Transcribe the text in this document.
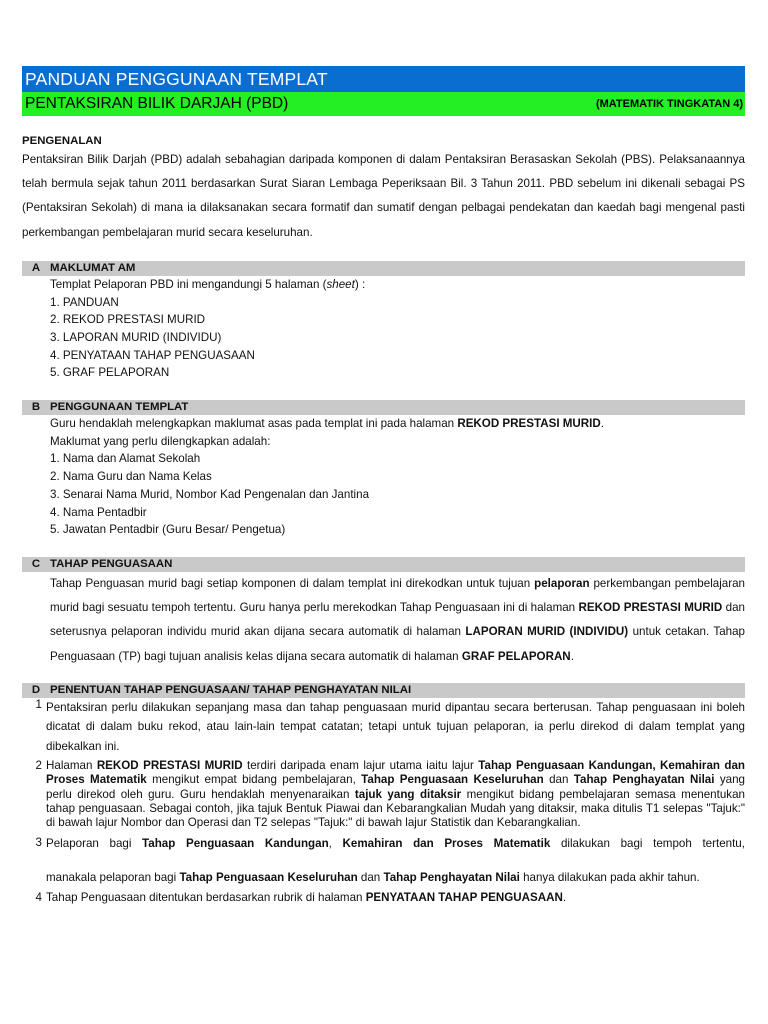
PANDUAN PENGGUNAAN TEMPLAT
PENTAKSIRAN BILIK DARJAH (PBD)	(MATEMATIK TINGKATAN 4)
PENGENALAN
Pentaksiran Bilik Darjah (PBD) adalah sebahagian daripada komponen di dalam Pentaksiran Berasaskan Sekolah (PBS). Pelaksanaannya telah bermula sejak tahun 2011 berdasarkan Surat Siaran Lembaga Peperiksaan Bil. 3 Tahun 2011. PBD sebelum ini dikenali sebagai PS (Pentaksiran Sekolah) di mana ia dilaksanakan secara formatif dan sumatif dengan pelbagai pendekatan dan kaedah bagi mengenal pasti perkembangan pembelajaran murid secara keseluruhan.
A MAKLUMAT AM
Templat Pelaporan PBD ini mengandungi 5 halaman (sheet) :
1. PANDUAN
2. REKOD PRESTASI MURID
3. LAPORAN MURID (INDIVIDU)
4. PENYATAAN TAHAP PENGUASAAN
5. GRAF PELAPORAN
B PENGGUNAAN TEMPLAT
Guru hendaklah melengkapkan maklumat asas pada templat ini pada halaman REKOD PRESTASI MURID.
Maklumat yang perlu dilengkapkan adalah:
1. Nama dan Alamat Sekolah
2. Nama Guru dan Nama Kelas
3. Senarai Nama Murid, Nombor Kad Pengenalan dan Jantina
4. Nama Pentadbir
5. Jawatan Pentadbir (Guru Besar/ Pengetua)
C TAHAP PENGUASAAN
Tahap Penguasan murid bagi setiap komponen di dalam templat ini direkodkan untuk tujuan pelaporan perkembangan pembelajaran murid bagi sesuatu tempoh tertentu. Guru hanya perlu merekodkan Tahap Penguasaan ini di halaman REKOD PRESTASI MURID dan seterusnya pelaporan individu murid akan dijana secara automatik di halaman LAPORAN MURID (INDIVIDU) untuk cetakan. Tahap Penguasaan (TP) bagi tujuan analisis kelas dijana secara automatik di halaman GRAF PELAPORAN.
D PENENTUAN TAHAP PENGUASAAN/ TAHAP PENGHAYATAN NILAI
1 Pentaksiran perlu dilakukan sepanjang masa dan tahap penguasaan murid dipantau secara berterusan. Tahap penguasaan ini boleh dicatat di dalam buku rekod, atau lain-lain tempat catatan; tetapi untuk tujuan pelaporan, ia perlu direkod di dalam templat yang dibekalkan ini.
2 Halaman REKOD PRESTASI MURID terdiri daripada enam lajur utama iaitu lajur Tahap Penguasaan Kandungan, Kemahiran dan Proses Matematik mengikut empat bidang pembelajaran, Tahap Penguasaan Keseluruhan dan Tahap Penghayatan Nilai yang perlu direkod oleh guru. Guru hendaklah menyenaraikan tajuk yang ditaksir mengikut bidang pembelajaran semasa menentukan tahap penguasaan. Sebagai contoh, jika tajuk Bentuk Piawai dan Kebarangkalian Mudah yang ditaksir, maka ditulis T1 selepas "Tajuk:" di bawah lajur Nombor dan Operasi dan T2 selepas "Tajuk:" di bawah lajur Statistik dan Kebarangkalian.
3 Pelaporan bagi Tahap Penguasaan Kandungan, Kemahiran dan Proses Matematik dilakukan bagi tempoh tertentu,
manakala pelaporan bagi Tahap Penguasaan Keseluruhan dan Tahap Penghayatan Nilai hanya dilakukan pada akhir tahun.
4 Tahap Penguasaan ditentukan berdasarkan rubrik di halaman PENYATAAN TAHAP PENGUASAAN.
